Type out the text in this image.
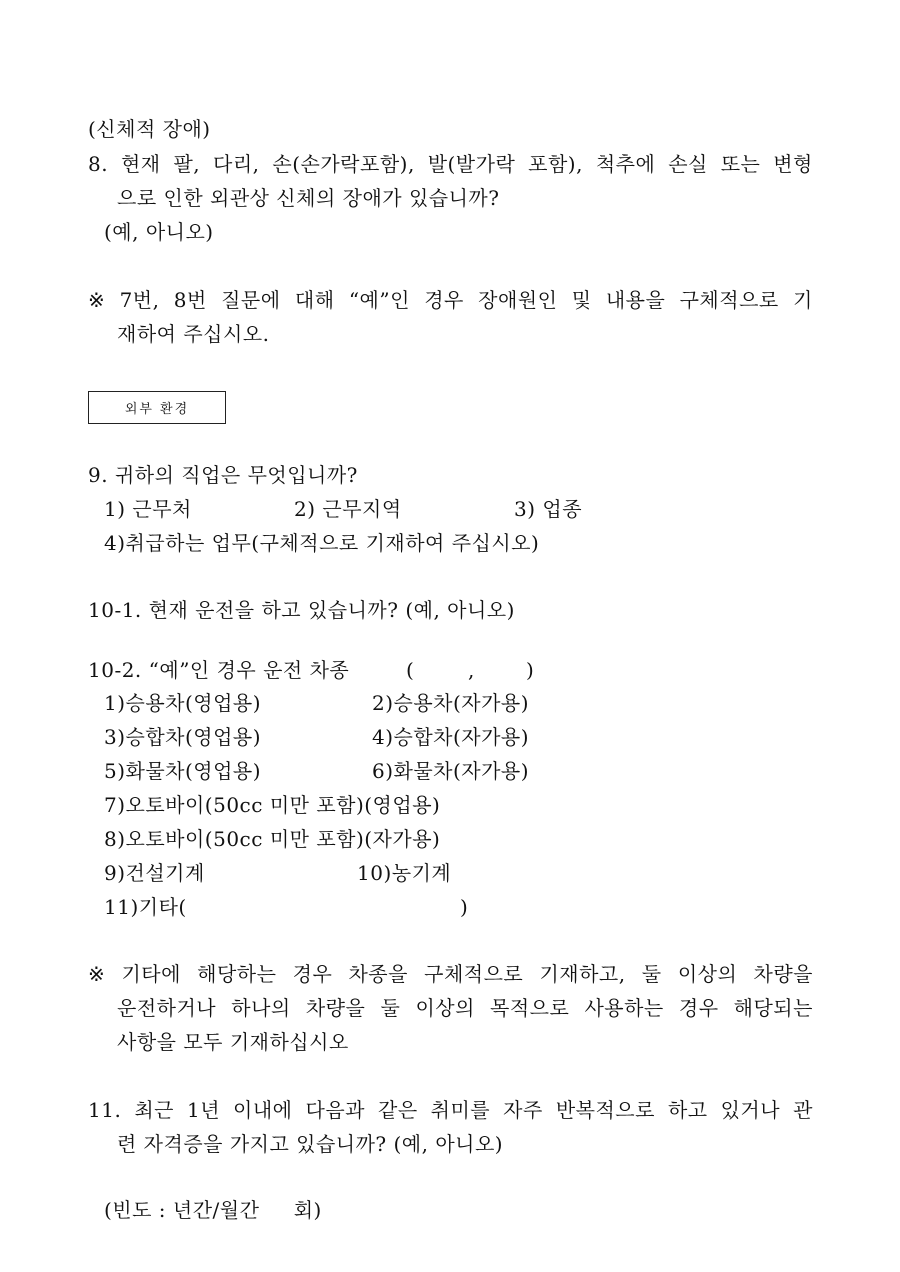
(신체적 장애)
8. 현재 팔, 다리, 손(손가락포함), 발(발가락 포함), 척추에 손실 또는 변형
으로 인한 외관상 신체의 장애가 있습니까?
(예, 아니오)
※ 7번, 8번 질문에 대해 “예”인 경우 장애원인 및 내용을 구체적으로 기
재하여 주십시오.
외부 환경
9. 귀하의 직업은 무엇입니까?
1) 근무처	2) 근무지역	3) 업종
4)취급하는 업무(구체적으로 기재하여 주십시오)
10-1. 현재 운전을 하고 있습니까? (예, 아니오)
10-2. “예”인 경우 운전 차종	(	,	)
1)승용차(영업용)	2)승용차(자가용)
3)승합차(영업용)	4)승합차(자가용)
5)화물차(영업용)	6)화물차(자가용)
7)오토바이(50cc 미만 포함)(영업용)
8)오토바이(50cc 미만 포함)(자가용)
9)건설기계	10)농기계
11)기타(	)
※ 기타에 해당하는 경우 차종을 구체적으로 기재하고, 둘 이상의 차량을
운전하거나 하나의 차량을 둘 이상의 목적으로 사용하는 경우 해당되는
사항을 모두 기재하십시오
11. 최근 1년 이내에 다음과 같은 취미를 자주 반복적으로 하고 있거나 관
련 자격증을 가지고 있습니까? (예, 아니오)
(빈도 : 년간/월간     회)
